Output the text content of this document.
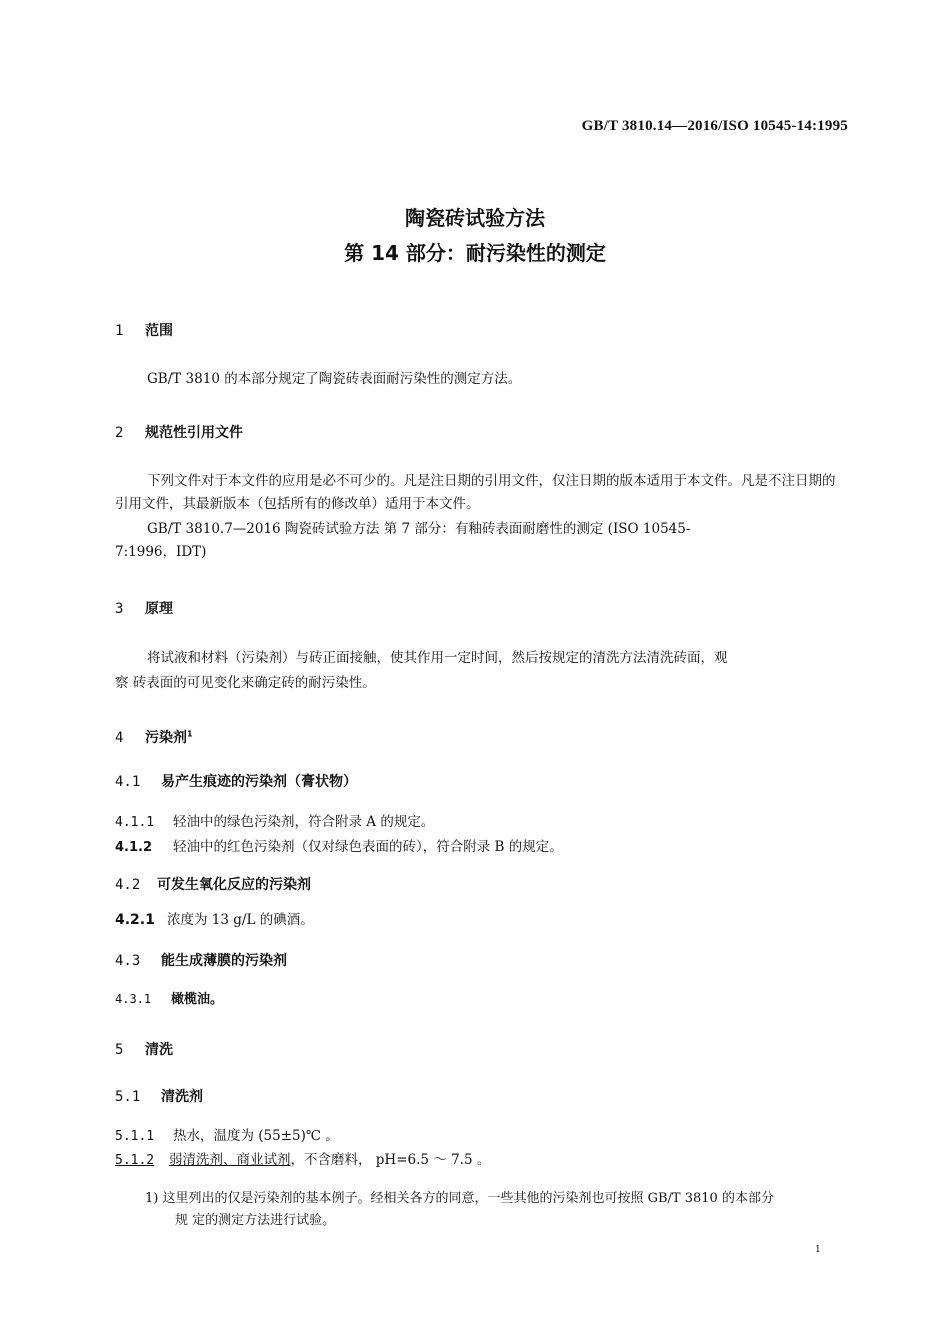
GB/T 3810.14—2016/ISO 10545-14:1995
陶瓷砖试验方法
第 14 部分：耐污染性的测定
1 范围
GB/T 3810 的本部分规定了陶瓷砖表面耐污染性的测定方法。
2 规范性引用文件
下列文件对于本文件的应用是必不可少的。凡是注日期的引用文件，仅注日期的版本适用于本文件。凡是不注日期的引用文件，其最新版本（包括所有的修改单）适用于本文件。
GB/T 3810.7—2016 陶瓷砖试验方法 第 7 部分：有釉砖表面耐磨性的测定 (ISO 10545-
7:1996，IDT)
3 原理
将试液和材料（污染剂）与砖正面接触，使其作用一定时间，然后按规定的清洗方法清洗砖面，观
察 砖表面的可见变化来确定砖的耐污染性。
4 污染剂$^1$
4.1 易产生痕迹的污染剂（膏状物）
4.1.1 轻油中的绿色污染剂，符合附录 A 的规定。
4.1.2 轻油中的红色污染剂（仅对绿色表面的砖），符合附录 B 的规定。
4.2 可发生氧化反应的污染剂
4.2.1 浓度为 13 g/L 的碘酒。
4.3 能生成薄膜的污染剂
4.3.1 橄榄油。
5 清洗
5.1 清洗剂
5.1.1 热水，温度为 (55±5)℃ 。
5.1.2 弱清洗剂、商业试剂，不含磨料， pH=6.5 ～ 7.5 。
1) 这里列出的仅是污染剂的基本例子。经相关各方的同意，一些其他的污染剂也可按照 GB/T 3810 的本部分
规 定的测定方法进行试验。
1
